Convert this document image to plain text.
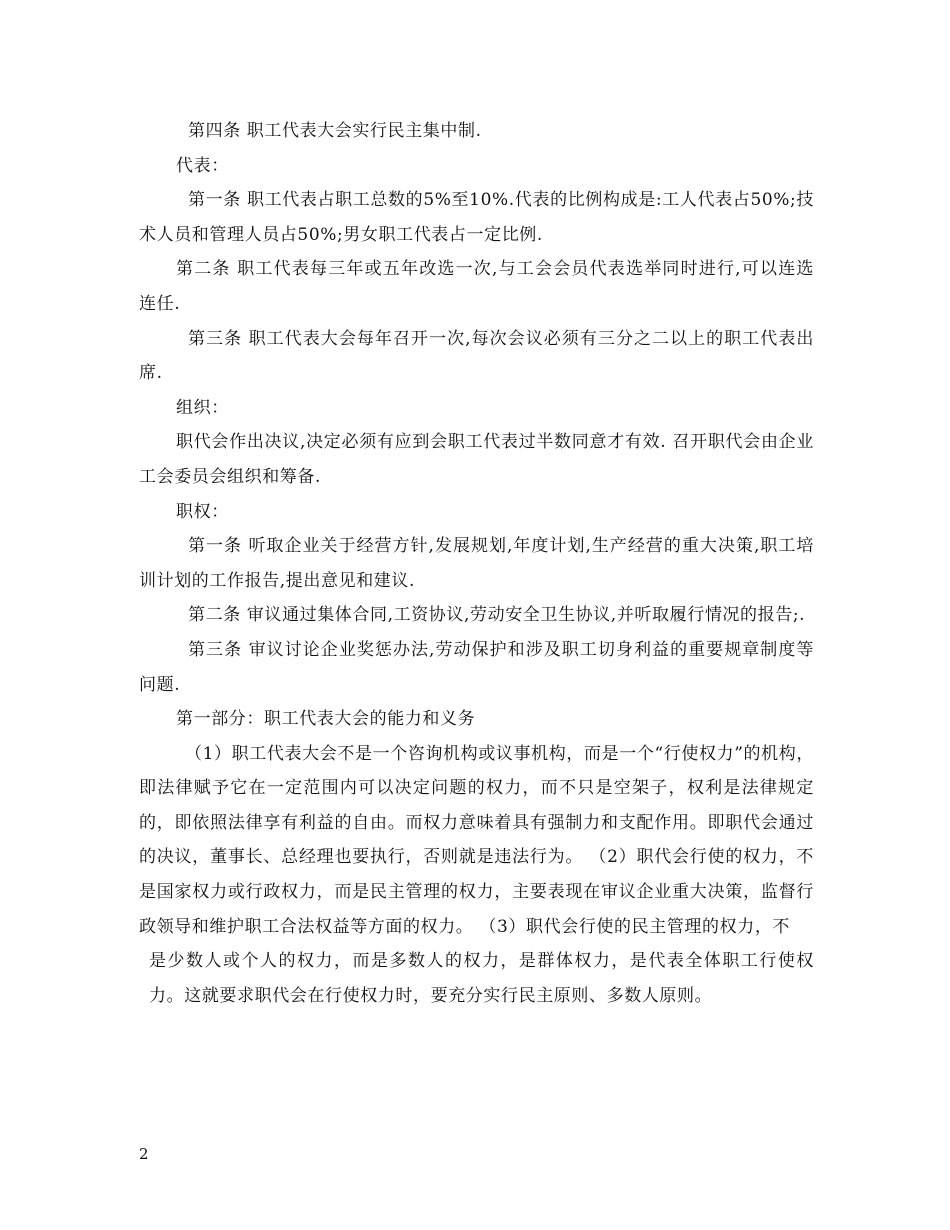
第四条 职工代表大会实行民主集中制.

代表：

第一条 职工代表占职工总数的5%至10%.代表的比例构成是:工人代表占50%;技术人员和管理人员占50%;男女职工代表占一定比例.

第二条 职工代表每三年或五年改选一次,与工会会员代表选举同时进行,可以连选 连任.

第三条 职工代表大会每年召开一次,每次会议必须有三分之二以上的职工代表出席.

组织：

职代会作出决议,决定必须有应到会职工代表过半数同意才有效. 召开职代会由企业工会委员会组织和筹备.

职权：

第一条 听取企业关于经营方针,发展规划,年度计划,生产经营的重大决策,职工培训计划的工作报告,提出意见和建议.

第二条 审议通过集体合同,工资协议,劳动安全卫生协议,并听取履行情况的报告;.

第三条 审议讨论企业奖惩办法,劳动保护和涉及职工切身利益的重要规章制度等问题.

第一部分：职工代表大会的能力和义务

（1）职工代表大会不是一个咨询机构或议事机构，而是一个“行使权力”的机构，即法律赋予它在一定范围内可以决定问题的权力，而不只是空架子，权利是法律规定的，即依照法律享有利益的自由。而权力意味着具有强制力和支配作用。即职代会通过的决议，董事长、总经理也要执行，否则就是违法行为。 （2）职代会行使的权力，不是国家权力或行政权力，而是民主管理的权力，主要表现在审议企业重大决策，监督行政领导和维护职工合法权益等方面的权力。 （3）职代会行使的民主管理的权力，不

是少数人或个人的权力，而是多数人的权力，是群体权力，是代表全体职工行使权力。这就要求职代会在行使权力时，要充分实行民主原则、多数人原则。

2
